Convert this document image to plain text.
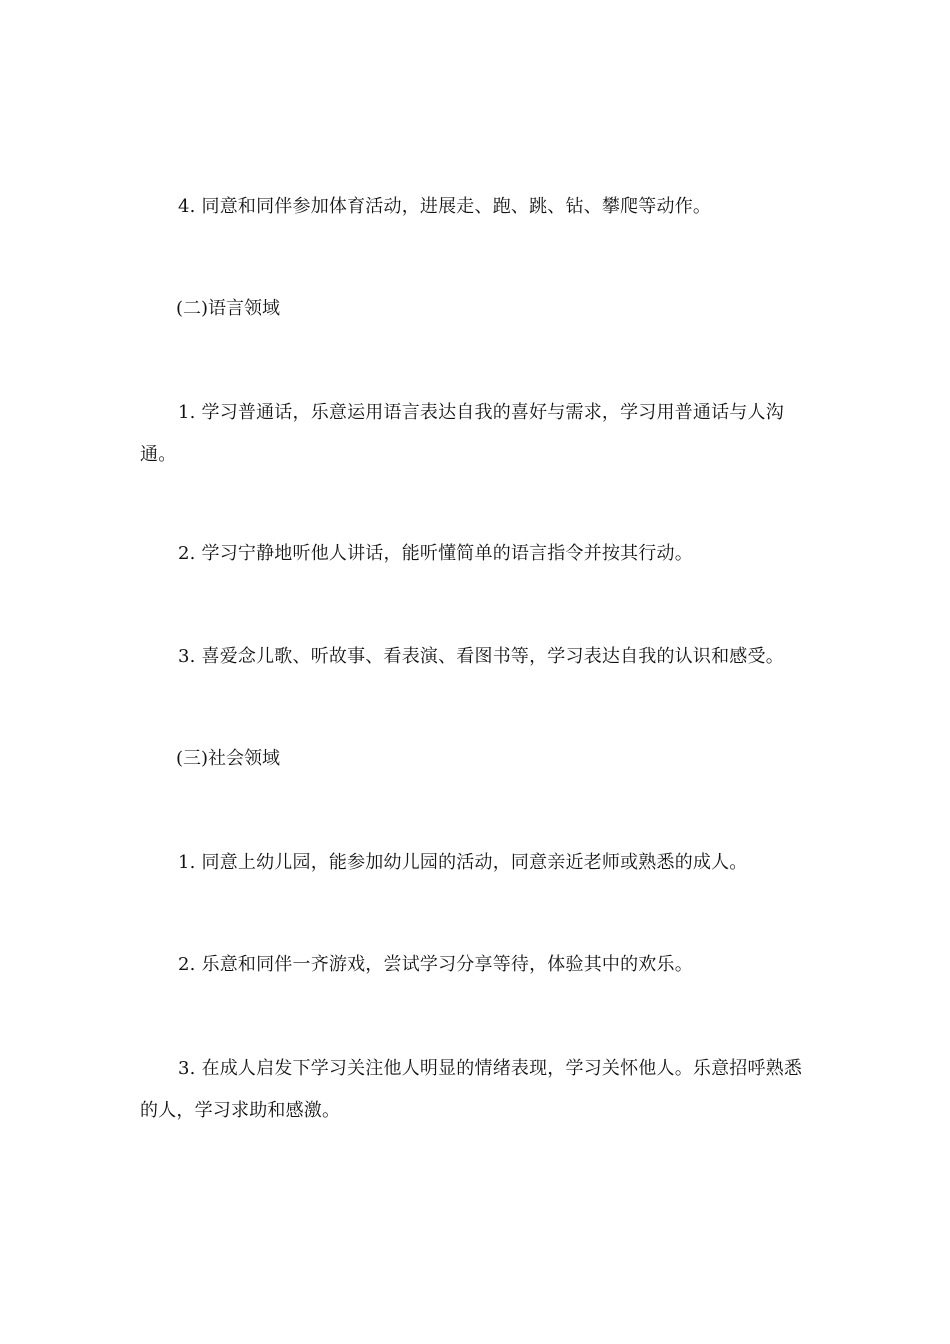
4. 同意和同伴参加体育活动，进展走、跑、跳、钻、攀爬等动作。
(二)语言领域
1. 学习普通话，乐意运用语言表达自我的喜好与需求，学习用普通话与人沟通。
2. 学习宁静地听他人讲话，能听懂简单的语言指令并按其行动。
3. 喜爱念儿歌、听故事、看表演、看图书等，学习表达自我的认识和感受。
(三)社会领域
1. 同意上幼儿园，能参加幼儿园的活动，同意亲近老师或熟悉的成人。
2. 乐意和同伴一齐游戏，尝试学习分享等待，体验其中的欢乐。
3. 在成人启发下学习关注他人明显的情绪表现，学习关怀他人。乐意招呼熟悉的人，学习求助和感激。
